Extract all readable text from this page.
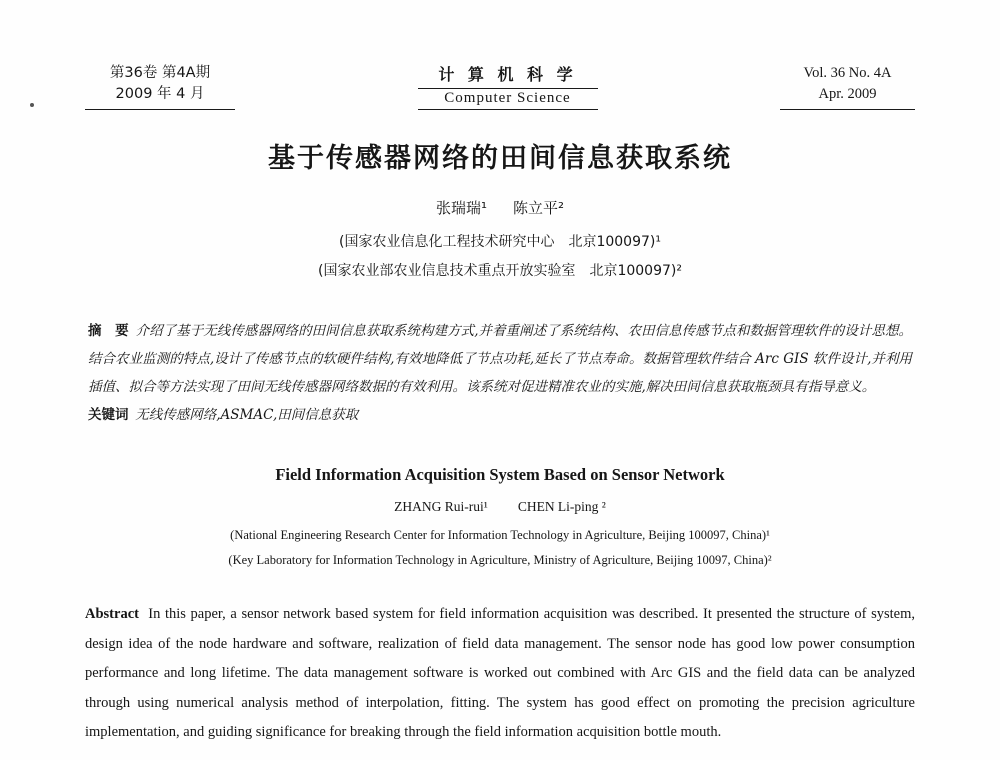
第36卷 第4A期
2009 年 4 月
计 算 机 科 学
Computer Science
Vol. 36 No. 4A
Apr. 2009
基于传感器网络的田间信息获取系统
张瑞瑞¹ 陈立平²
(国家农业信息化工程技术研究中心　北京100097)¹
(国家农业部农业信息技术重点开放实验室　北京100097)²

摘　要 介绍了基于无线传感器网络的田间信息获取系统构建方式,并着重阐述了系统结构、农田信息传感节点和数据管理软件的设计思想。结合农业监测的特点,设计了传感节点的软硬件结构,有效地降低了节点功耗,延长了节点寿命。数据管理软件结合 Arc GIS 软件设计,并利用插值、拟合等方法实现了田间无线传感器网络数据的有效利用。该系统对促进精准农业的实施,解决田间信息获取瓶颈具有指导意义。

关键词 无线传感网络,ASMAC,田间信息获取

Field Information Acquisition System Based on Sensor Network
ZHANG Rui-rui¹ CHEN Li-ping ²
(National Engineering Research Center for Information Technology in Agriculture, Beijing 100097, China)¹
(Key Laboratory for Information Technology in Agriculture, Ministry of Agriculture, Beijing 10097, China)²

Abstract In this paper, a sensor network based system for field information acquisition was described. It presented the structure of system, design idea of the node hardware and software, realization of field data management. The sensor node has good low power consumption performance and long lifetime. The data management software is worked out combined with Arc GIS and the field data can be analyzed through using numerical analysis method of interpolation, fitting. The system has good effect on promoting the precision agriculture implementation, and guiding significance for breaking through the field information acquisition bottle mouth.
